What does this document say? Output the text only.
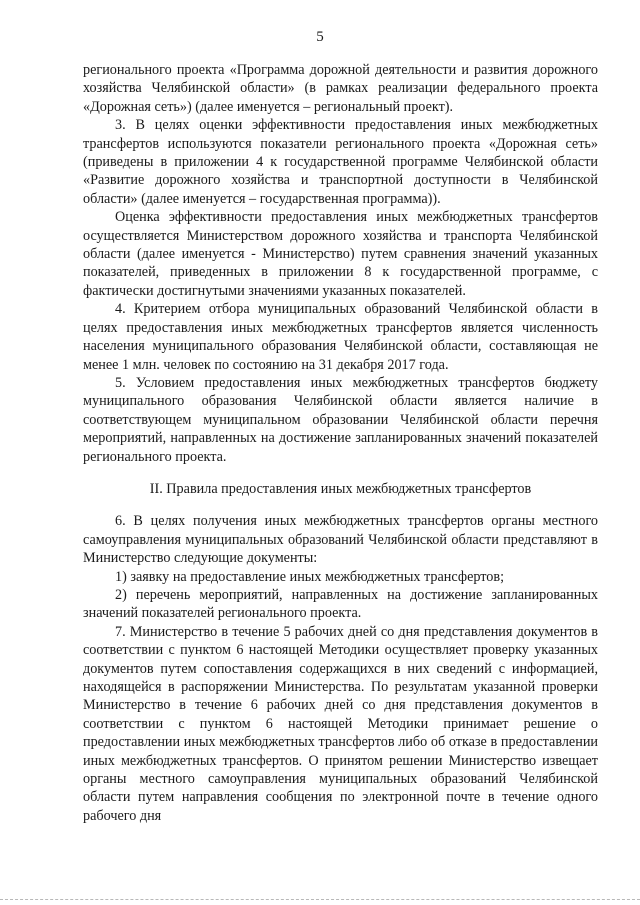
5

регионального проекта «Программа дорожной деятельности и развития дорожного хозяйства Челябинской области» (в рамках реализации федерального проекта «Дорожная сеть») (далее именуется – региональный проект).

3. В целях оценки эффективности предоставления иных межбюджетных трансфертов используются показатели регионального проекта «Дорожная сеть» (приведены в приложении 4 к государственной программе Челябинской области «Развитие дорожного хозяйства и транспортной доступности в Челябинской области» (далее именуется – государственная программа)).

Оценка эффективности предоставления иных межбюджетных трансфертов осуществляется Министерством дорожного хозяйства и транспорта Челябинской области (далее именуется - Министерство) путем сравнения значений указанных показателей, приведенных в приложении 8 к государственной программе, с фактически достигнутыми значениями указанных показателей.

4. Критерием отбора муниципальных образований Челябинской области в целях предоставления иных межбюджетных трансфертов является численность населения муниципального образования Челябинской области, составляющая не менее 1 млн. человек по состоянию на 31 декабря 2017 года.

5. Условием предоставления иных межбюджетных трансфертов бюджету муниципального образования Челябинской области является наличие в соответствующем муниципальном образовании Челябинской области перечня мероприятий, направленных на достижение запланированных значений показателей регионального проекта.

II. Правила предоставления иных межбюджетных трансфертов

6. В целях получения иных межбюджетных трансфертов органы местного самоуправления муниципальных образований Челябинской области представляют в Министерство следующие документы:

1) заявку на предоставление иных межбюджетных трансфертов;

2) перечень мероприятий, направленных на достижение запланированных значений показателей регионального проекта.

7. Министерство в течение 5 рабочих дней со дня представления документов в соответствии с пунктом 6 настоящей Методики осуществляет проверку указанных документов путем сопоставления содержащихся в них сведений с информацией, находящейся в распоряжении Министерства. По результатам указанной проверки Министерство в течение 6 рабочих дней со дня представления документов в соответствии с пунктом 6 настоящей Методики принимает решение о предоставлении иных межбюджетных трансфертов либо об отказе в предоставлении иных межбюджетных трансфертов. О принятом решении Министерство извещает органы местного самоуправления муниципальных образований Челябинской области путем направления сообщения по электронной почте в течение одного рабочего дня
